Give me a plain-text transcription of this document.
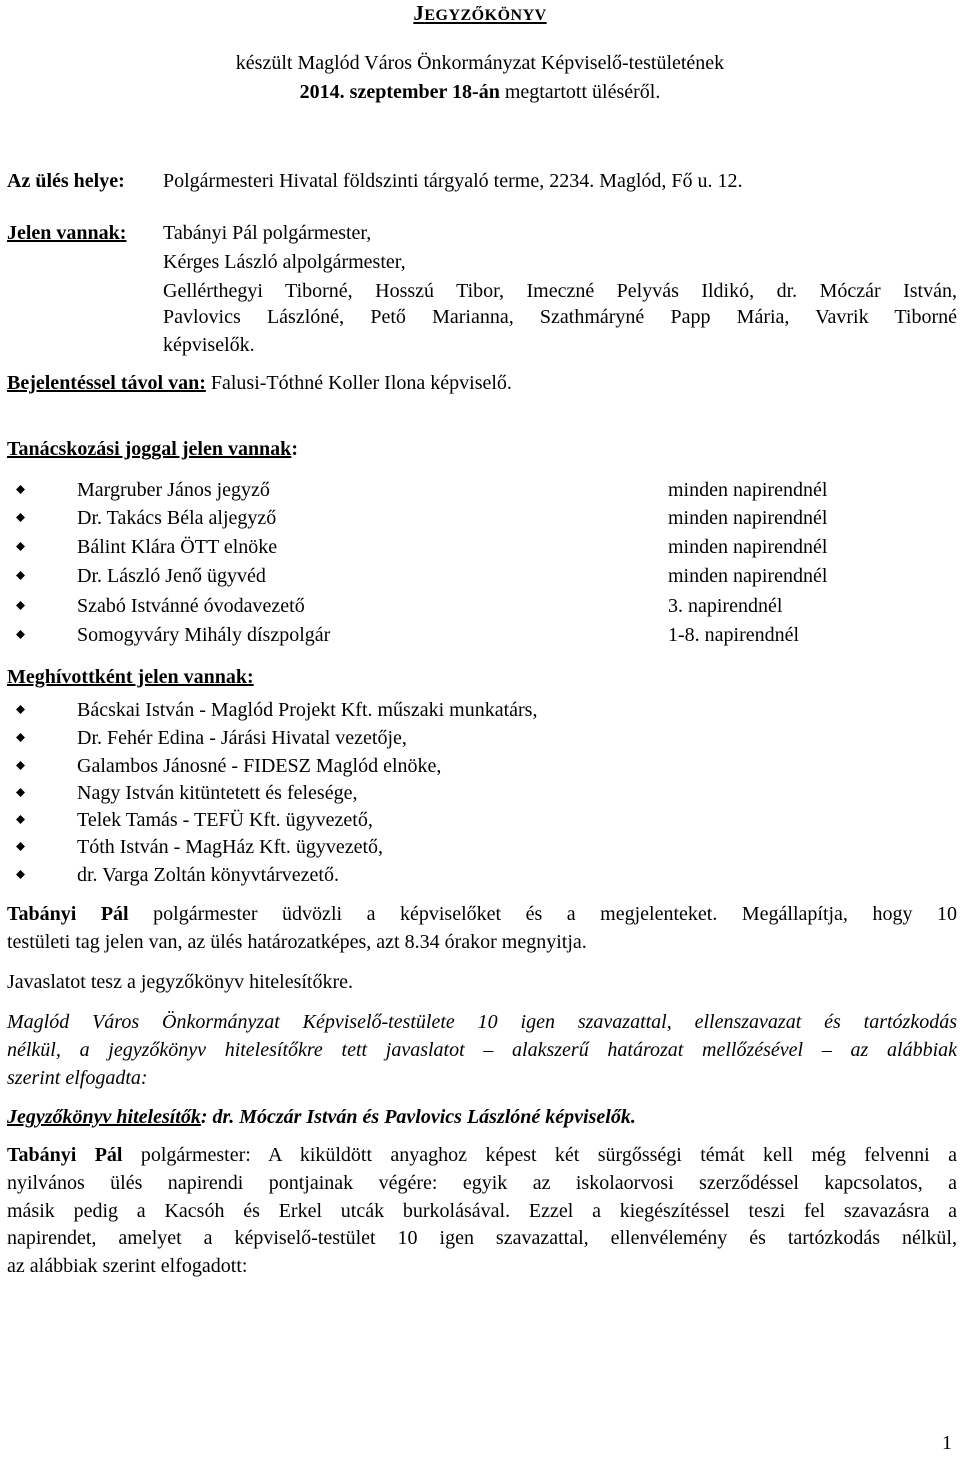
JEGYZŐKÖNYV
készült Maglód Város Önkormányzat Képviselő-testületének
2014. szeptember 18-án megtartott üléséről.
Az ülés helye: Polgármesteri Hivatal földszinti tárgyaló terme, 2234. Maglód, Fő u. 12.
Jelen vannak: Tabányi Pál polgármester,
Kérges László alpolgármester,
Gellérthegyi Tiborné, Hosszú Tibor, Imeczné Pelyvás Ildikó, dr. Móczár István,
Pavlovics Lászlóné, Pető Marianna, Szathmáryné Papp Mária, Vavrik Tiborné
képviselők.
Bejelentéssel távol van: Falusi-Tóthné Koller Ilona képviselő.
Tanácskozási joggal jelen vannak:
Margruber János jegyző	minden napirendnél
Dr. Takács Béla aljegyző	minden napirendnél
Bálint Klára ÖTT elnöke	minden napirendnél
Dr. László Jenő ügyvéd	minden napirendnél
Szabó Istvánné óvodavezető	3. napirendnél
Somogyváry Mihály díszpolgár	1-8. napirendnél
Meghívottként jelen vannak:
Bácskai István - Maglód Projekt Kft. műszaki munkatárs,
Dr. Fehér Edina - Járási Hivatal vezetője,
Galambos Jánosné - FIDESZ Maglód elnöke,
Nagy István kitüntetett és felesége,
Telek Tamás - TEFÜ Kft. ügyvezető,
Tóth István - MagHáz Kft. ügyvezető,
dr. Varga Zoltán könyvtárvezető.
Tabányi Pál polgármester üdvözli a képviselőket és a megjelenteket. Megállapítja, hogy 10
testületi tag jelen van, az ülés határozatképes, azt 8.34 órakor megnyitja.
Javaslatot tesz a jegyzőkönyv hitelesítőkre.
Maglód Város Önkormányzat Képviselő-testülete 10 igen szavazattal, ellenszavazat és tartózkodás
nélkül, a jegyzőkönyv hitelesítőkre tett javaslatot – alakszerű határozat mellőzésével – az alábbiak
szerint elfogadta:
Jegyzőkönyv hitelesítők: dr. Móczár István és Pavlovics Lászlóné képviselők.
Tabányi Pál polgármester: A kiküldött anyaghoz képest két sürgősségi témát kell még felvenni a
nyilvános ülés napirendi pontjainak végére: egyik az iskolaorvosi szerződéssel kapcsolatos, a
másik pedig a Kacsóh és Erkel utcák burkolásával. Ezzel a kiegészítéssel teszi fel szavazásra a
napirendet, amelyet a képviselő-testület 10 igen szavazattal, ellenvélemény és tartózkodás nélkül,
az alábbiak szerint elfogadott:
1
